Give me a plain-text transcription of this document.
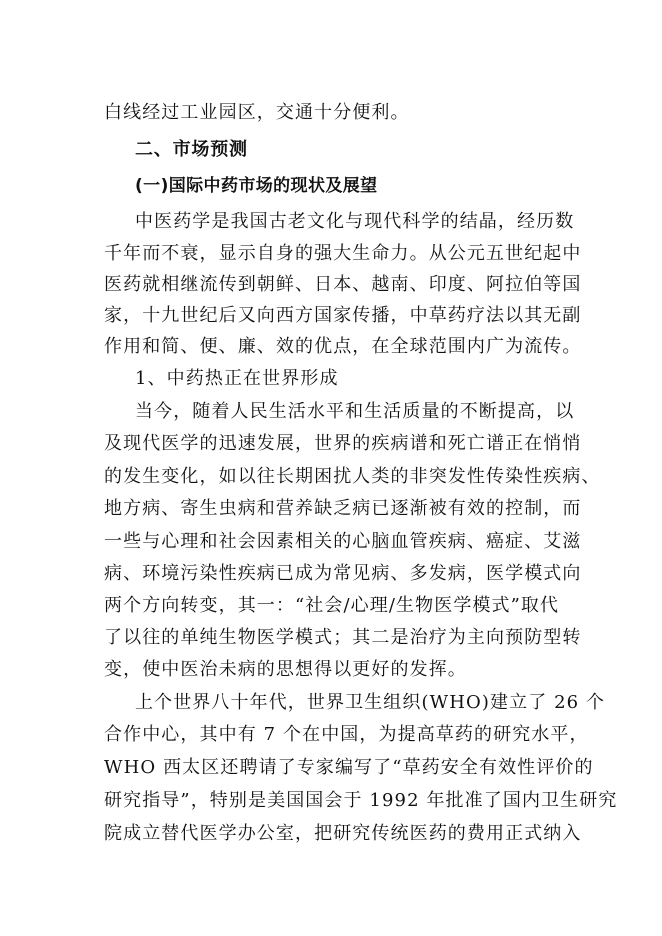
白线经过工业园区，交通十分便利。
二、市场预测
(一)国际中药市场的现状及展望
中医药学是我国古老文化与现代科学的结晶，经历数
千年而不衰，显示自身的强大生命力。从公元五世纪起中
医药就相继流传到朝鲜、日本、越南、印度、阿拉伯等国
家，十九世纪后又向西方国家传播，中草药疗法以其无副
作用和简、便、廉、效的优点，在全球范围内广为流传。
1、中药热正在世界形成
当今，随着人民生活水平和生活质量的不断提高，以
及现代医学的迅速发展，世界的疾病谱和死亡谱正在悄悄
的发生变化，如以往长期困扰人类的非突发性传染性疾病、
地方病、寄生虫病和营养缺乏病已逐渐被有效的控制，而
一些与心理和社会因素相关的心脑血管疾病、癌症、艾滋
病、环境污染性疾病已成为常见病、多发病，医学模式向
两个方向转变，其一：“社会/心理/生物医学模式”取代
了以往的单纯生物医学模式；其二是治疗为主向预防型转
变，使中医治未病的思想得以更好的发挥。
上个世界八十年代，世界卫生组织(WHO)建立了 26 个
合作中心，其中有 7 个在中国，为提高草药的研究水平，
WHO 西太区还聘请了专家编写了“草药安全有效性评价的
研究指导”，特别是美国国会于 1992 年批准了国内卫生研究
院成立替代医学办公室，把研究传统医药的费用正式纳入
